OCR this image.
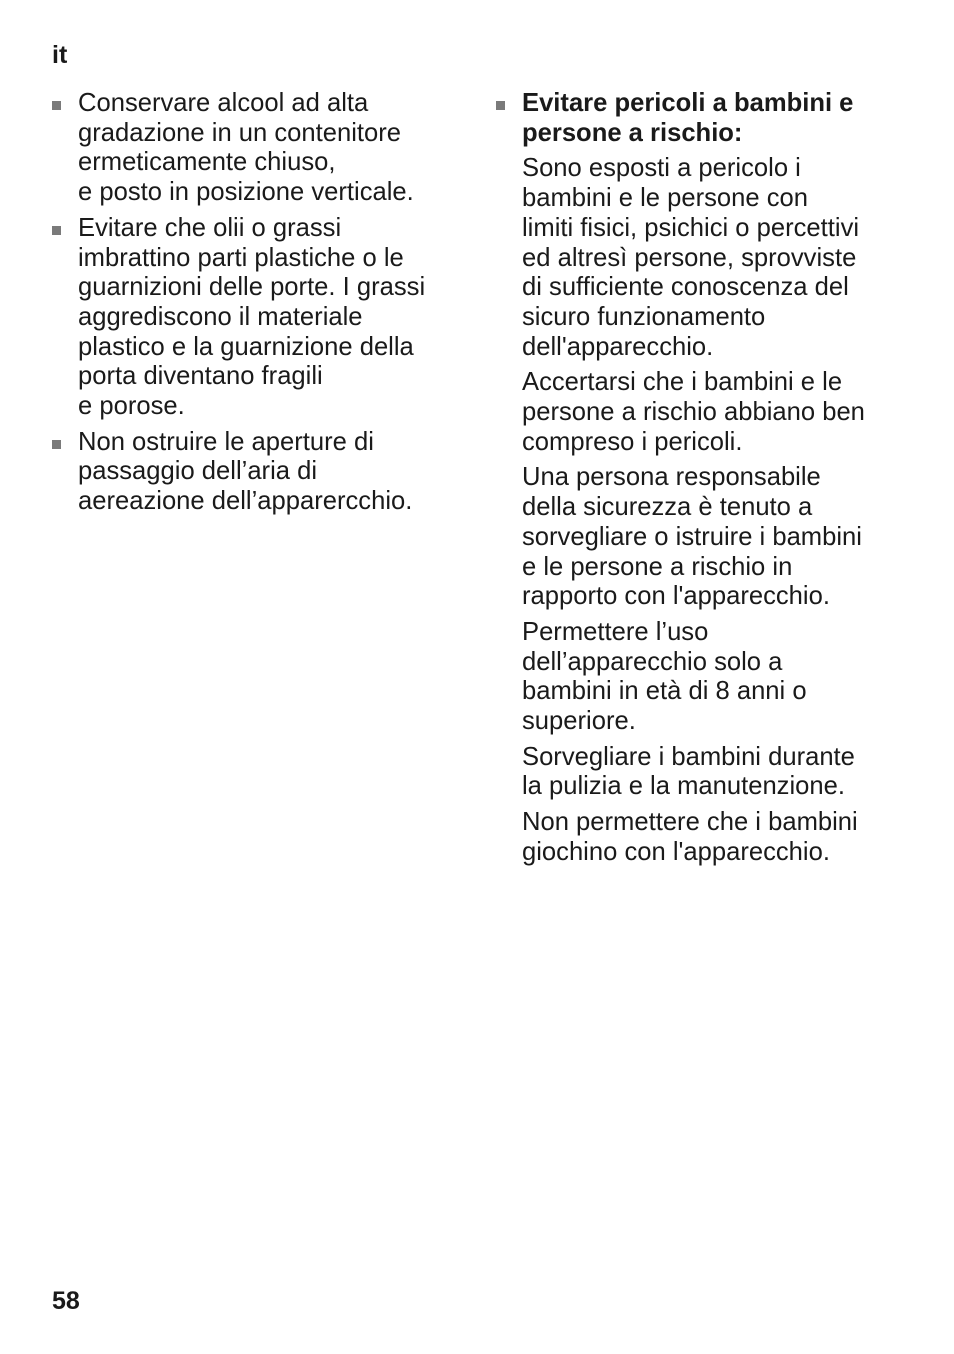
it
Conservare alcool ad alta
gradazione in un contenitore
ermeticamente chiuso,
e posto in posizione verticale.
Evitare che olii o grassi
imbrattino parti plastiche o le
guarnizioni delle porte. I grassi
aggrediscono il materiale
plastico e la guarnizione della
porta diventano fragili
e porose.
Non ostruire le aperture di
passaggio dell’aria di
aereazione dell’apparercchio.
Evitare pericoli a bambini e
persone a rischio:
Sono esposti a pericolo i
bambini e le persone con
limiti fisici, psichici o percettivi
ed altresì persone, sprovviste
di sufficiente conoscenza del
sicuro funzionamento
dell'apparecchio.
Accertarsi che i bambini e le
persone a rischio abbiano ben
compreso i pericoli.
Una persona responsabile
della sicurezza è tenuto a
sorvegliare o istruire i bambini
e le persone a rischio in
rapporto con l'apparecchio.
Permettere l’uso
dell’apparecchio solo a
bambini in età di 8 anni o
superiore.
Sorvegliare i bambini durante
la pulizia e la manutenzione.
Non permettere che i bambini
giochino con l'apparecchio.
58
